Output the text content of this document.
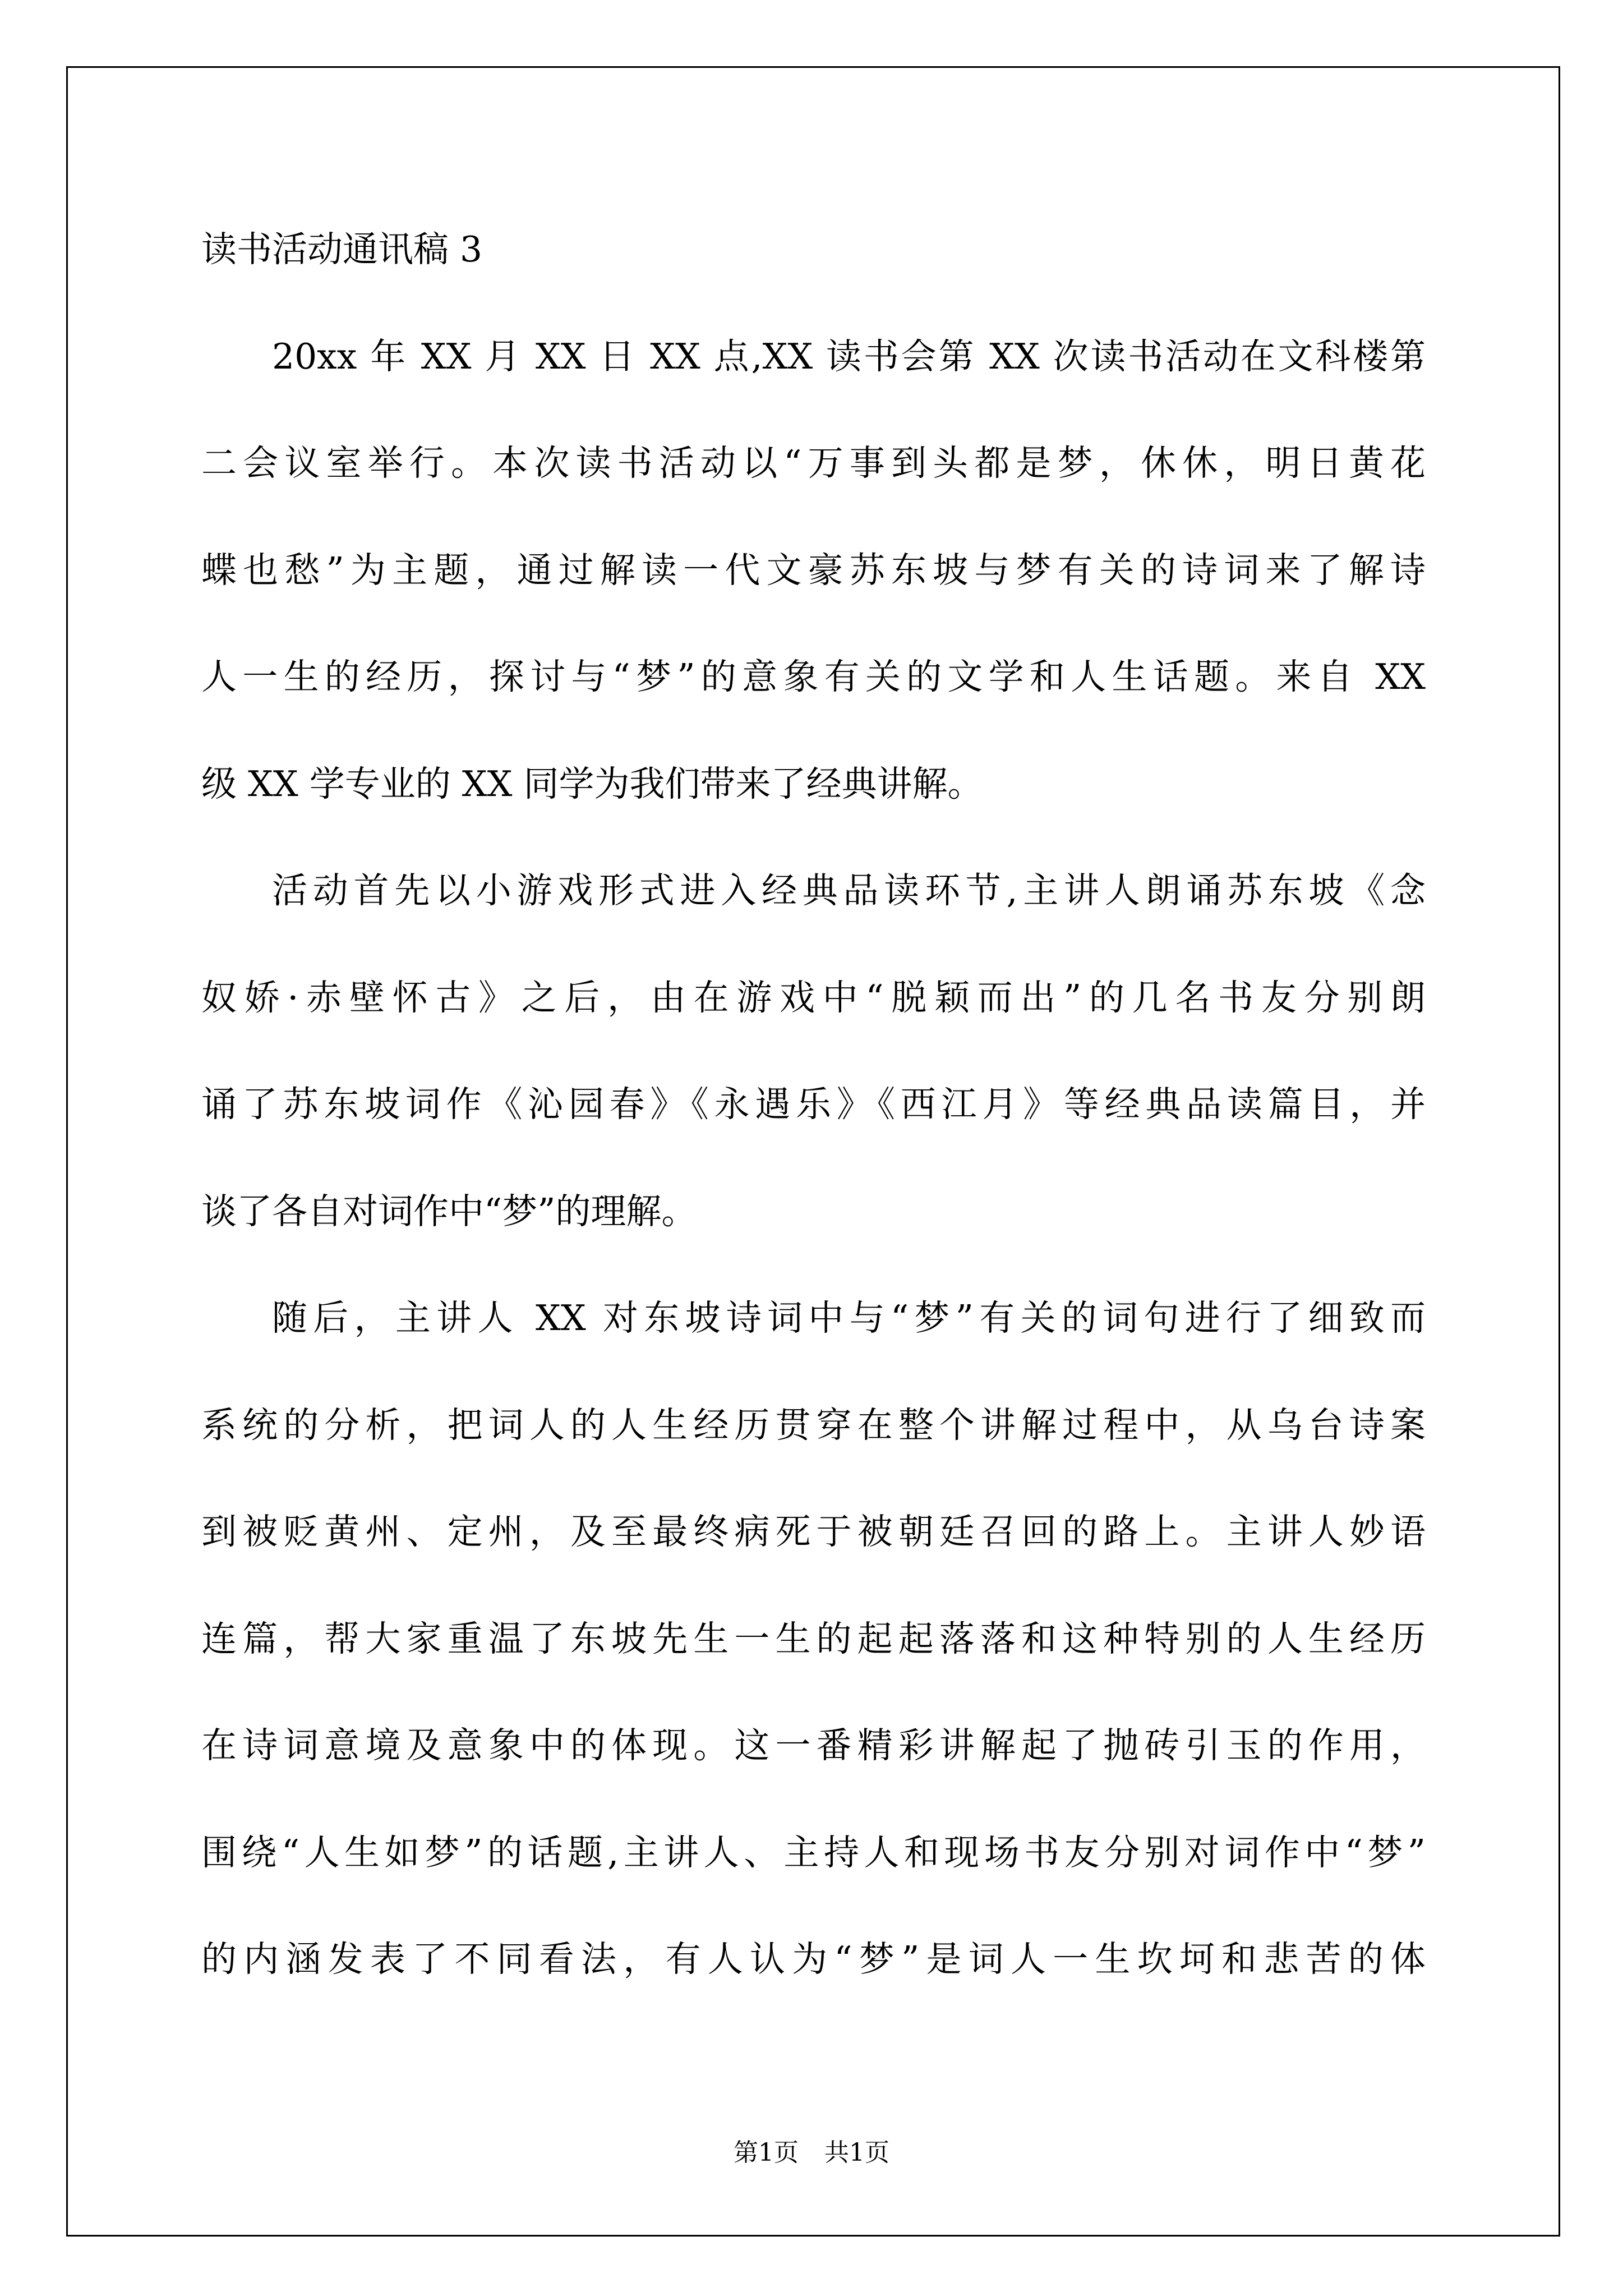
读书活动通讯稿 3
20xx 年 XX 月 XX 日 XX 点,XX 读书会第 XX 次读书活动在文科楼第
二会议室举行。本次读书活动以“万事到头都是梦，休休，明日黄花
蝶也愁”为主题，通过解读一代文豪苏东坡与梦有关的诗词来了解诗
人一生的经历，探讨与“梦”的意象有关的文学和人生话题。来自 XX
级 XX 学专业的 XX 同学为我们带来了经典讲解。
活动首先以小游戏形式进入经典品读环节,主讲人朗诵苏东坡《念
奴娇·赤壁怀古》之后，由在游戏中“脱颖而出”的几名书友分别朗
诵了苏东坡词作《沁园春》《永遇乐》《西江月》等经典品读篇目，并
谈了各自对词作中“梦”的理解。
随后，主讲人 XX 对东坡诗词中与“梦”有关的词句进行了细致而
系统的分析，把词人的人生经历贯穿在整个讲解过程中，从乌台诗案
到被贬黄州、定州，及至最终病死于被朝廷召回的路上。主讲人妙语
连篇，帮大家重温了东坡先生一生的起起落落和这种特别的人生经历
在诗词意境及意象中的体现。这一番精彩讲解起了抛砖引玉的作用，
围绕“人生如梦”的话题,主讲人、主持人和现场书友分别对词作中“梦”
的内涵发表了不同看法，有人认为“梦”是词人一生坎坷和悲苦的体
第1页 共1页
